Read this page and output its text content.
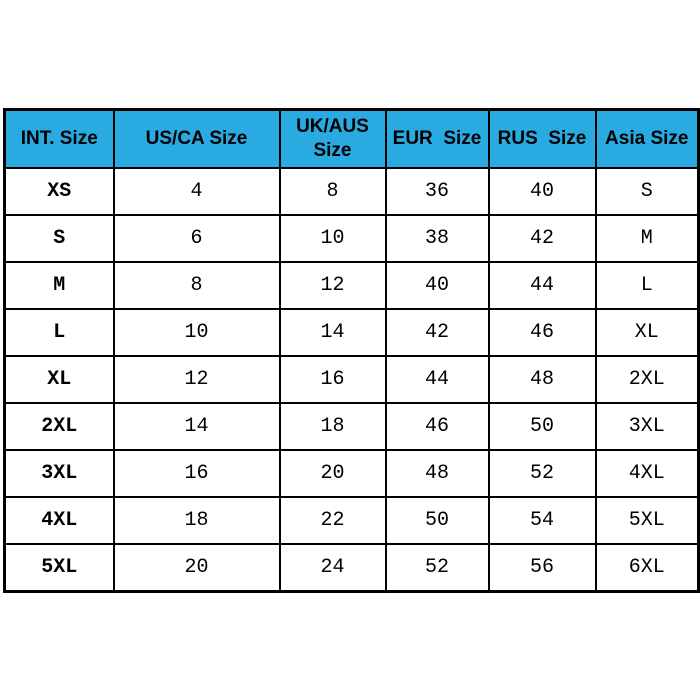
INT. Size	US/CA Size	UK/AUS Size	EUR  Size	RUS  Size	Asia Size
XS	4	8	36	40	S
S	6	10	38	42	M
M	8	12	40	44	L
L	10	14	42	46	XL
XL	12	16	44	48	2XL
2XL	14	18	46	50	3XL
3XL	16	20	48	52	4XL
4XL	18	22	50	54	5XL
5XL	20	24	52	56	6XL
